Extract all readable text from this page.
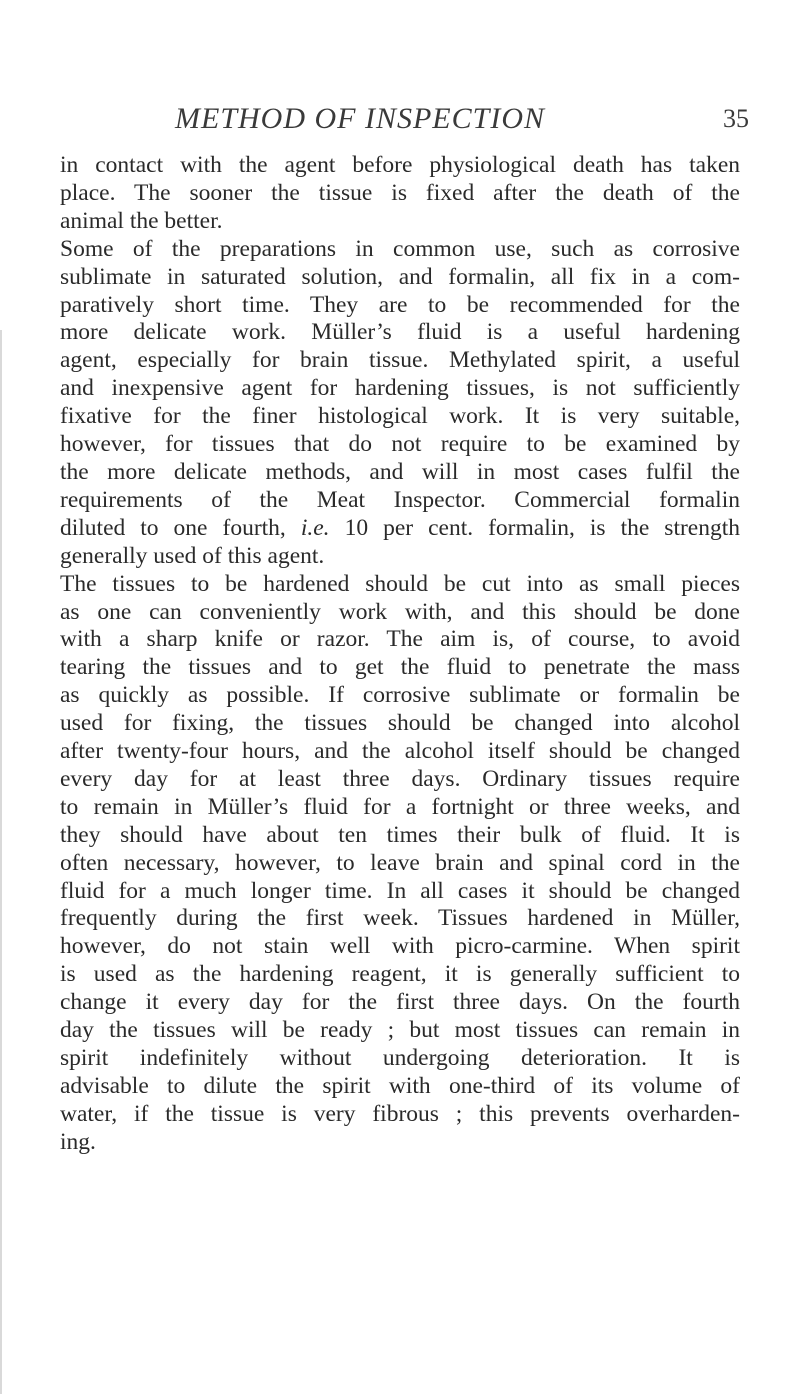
METHOD OF INSPECTION	35
in contact with the agent before physiological death has taken
place. The sooner the tissue is fixed after the death of the
animal the better.
Some of the preparations in common use, such as corrosive
sublimate in saturated solution, and formalin, all fix in a com-
paratively short time. They are to be recommended for the
more delicate work. Müller’s fluid is a useful hardening
agent, especially for brain tissue. Methylated spirit, a useful
and inexpensive agent for hardening tissues, is not sufficiently
fixative for the finer histological work. It is very suitable,
however, for tissues that do not require to be examined by
the more delicate methods, and will in most cases fulfil the
requirements of the Meat Inspector. Commercial formalin
diluted to one fourth, i.e. 10 per cent. formalin, is the strength
generally used of this agent.
The tissues to be hardened should be cut into as small pieces
as one can conveniently work with, and this should be done
with a sharp knife or razor. The aim is, of course, to avoid
tearing the tissues and to get the fluid to penetrate the mass
as quickly as possible. If corrosive sublimate or formalin be
used for fixing, the tissues should be changed into alcohol
after twenty-four hours, and the alcohol itself should be changed
every day for at least three days. Ordinary tissues require
to remain in Müller’s fluid for a fortnight or three weeks, and
they should have about ten times their bulk of fluid. It is
often necessary, however, to leave brain and spinal cord in the
fluid for a much longer time. In all cases it should be changed
frequently during the first week. Tissues hardened in Müller,
however, do not stain well with picro-carmine. When spirit
is used as the hardening reagent, it is generally sufficient to
change it every day for the first three days. On the fourth
day the tissues will be ready ; but most tissues can remain in
spirit indefinitely without undergoing deterioration. It is
advisable to dilute the spirit with one-third of its volume of
water, if the tissue is very fibrous ; this prevents overharden-
ing.
